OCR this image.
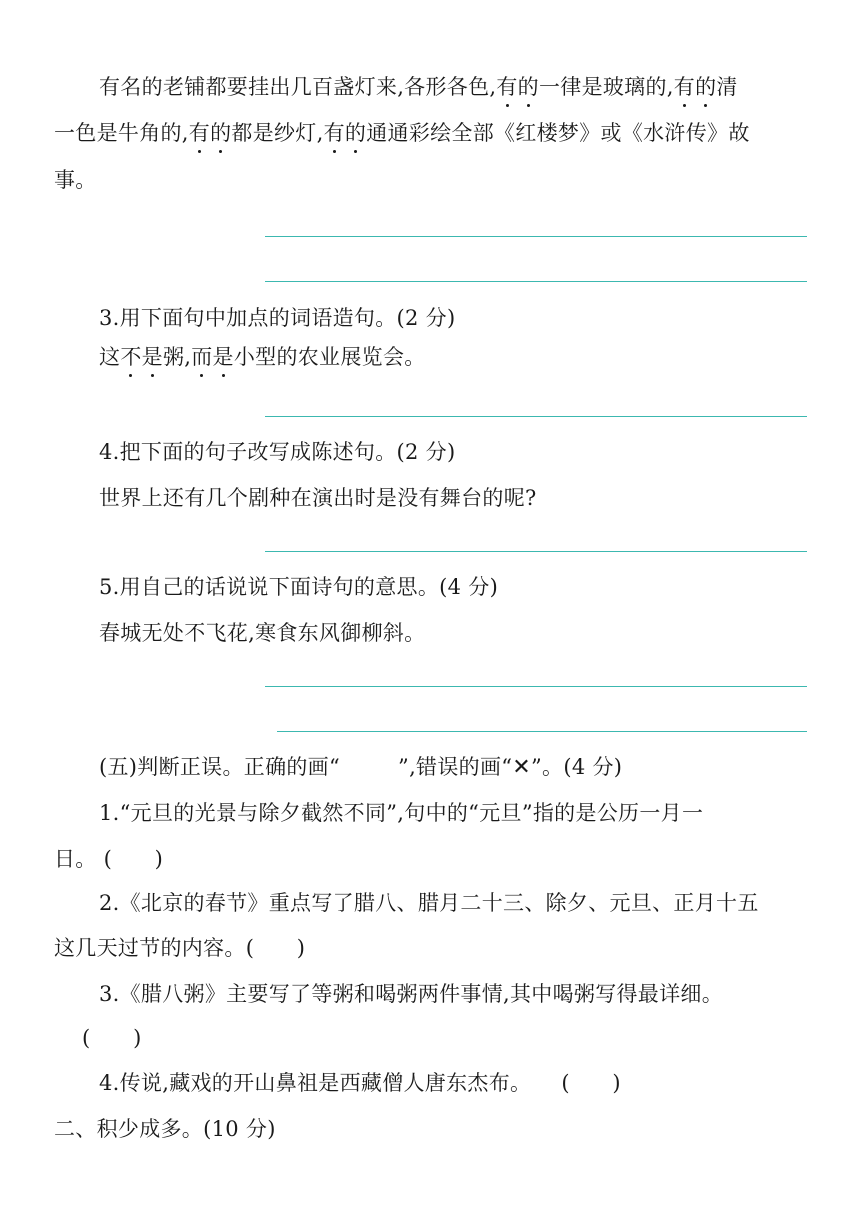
有名的老铺都要挂出几百盏灯来,各形各色,有的一律是玻璃的,有的清
一色是牛角的,有的都是纱灯,有的通通彩绘全部《红楼梦》或《水浒传》故
事。
3.用下面句中加点的词语造句。(2 分)
这不是粥,而是小型的农业展览会。
4.把下面的句子改写成陈述句。(2 分)
世界上还有几个剧种在演出时是没有舞台的呢?
5.用自己的话说说下面诗句的意思。(4 分)
春城无处不飞花,寒食东风御柳斜。
(五)判断正误。正确的画“	”,错误的画“✕”。(4 分)
1.“元旦的光景与除夕截然不同”,句中的“元旦”指的是公历一月一
日。 (　　)
2.《北京的春节》重点写了腊八、腊月二十三、除夕、元旦、正月十五
这几天过节的内容。(　　)
3.《腊八粥》主要写了等粥和喝粥两件事情,其中喝粥写得最详细。
(　　)
4.传说,藏戏的开山鼻祖是西藏僧人唐东杰布。 (　　)
二、积少成多。(10 分)
